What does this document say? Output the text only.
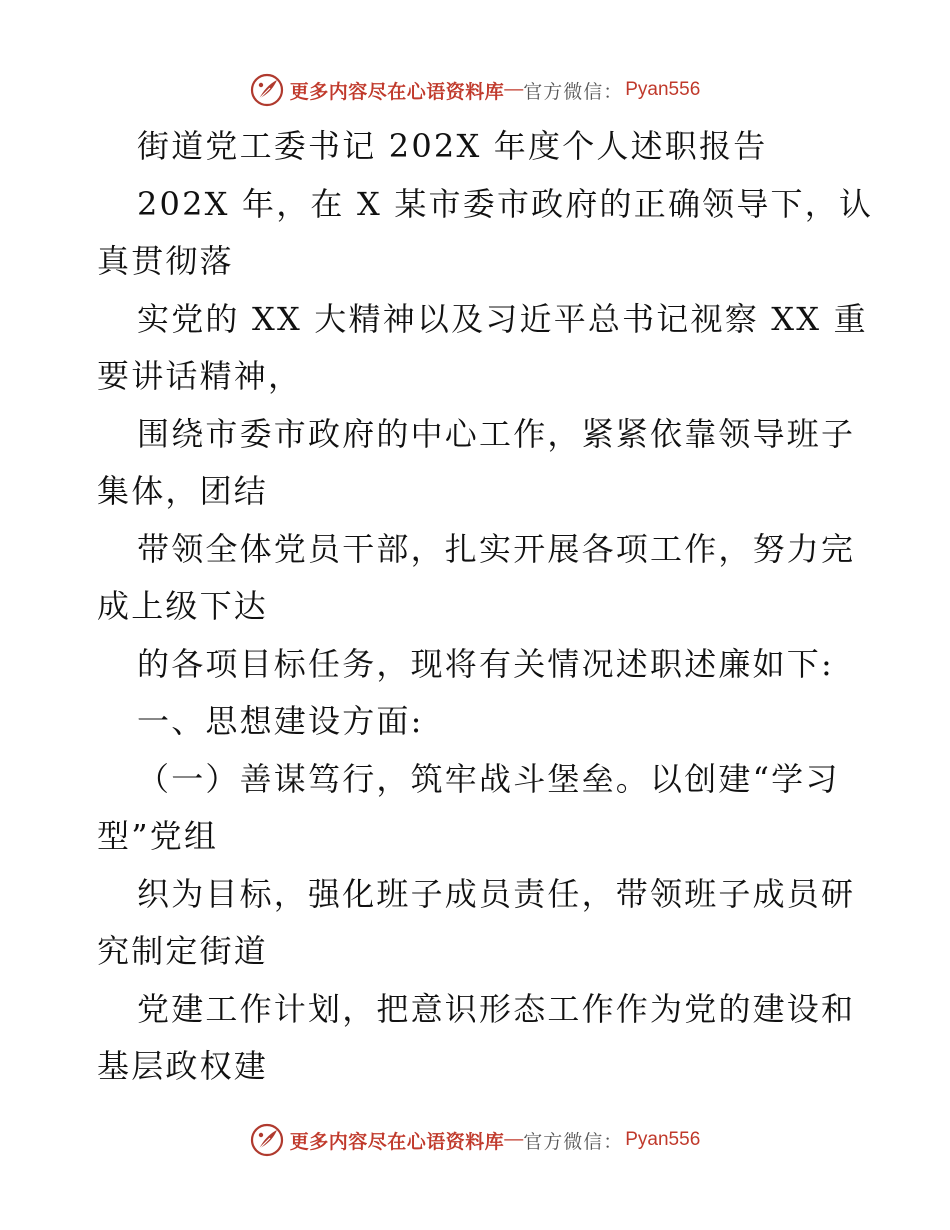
更多内容尽在心语资料库 — 官方微信： Pyan556
街道党工委书记 202X 年度个人述职报告
202X 年，在 X 某市委市政府的正确领导下，认
真贯彻落
实党的 XX 大精神以及习近平总书记视察 XX 重
要讲话精神，
围绕市委市政府的中心工作，紧紧依靠领导班子
集体，团结
带领全体党员干部，扎实开展各项工作，努力完
成上级下达
的各项目标任务，现将有关情况述职述廉如下:
一、思想建设方面:
（一）善谋笃行，筑牢战斗堡垒。以创建“学习
型”党组
织为目标，强化班子成员责任，带领班子成员研
究制定街道
党建工作计划，把意识形态工作作为党的建设和
基层政权建
更多内容尽在心语资料库 — 官方微信： Pyan556
